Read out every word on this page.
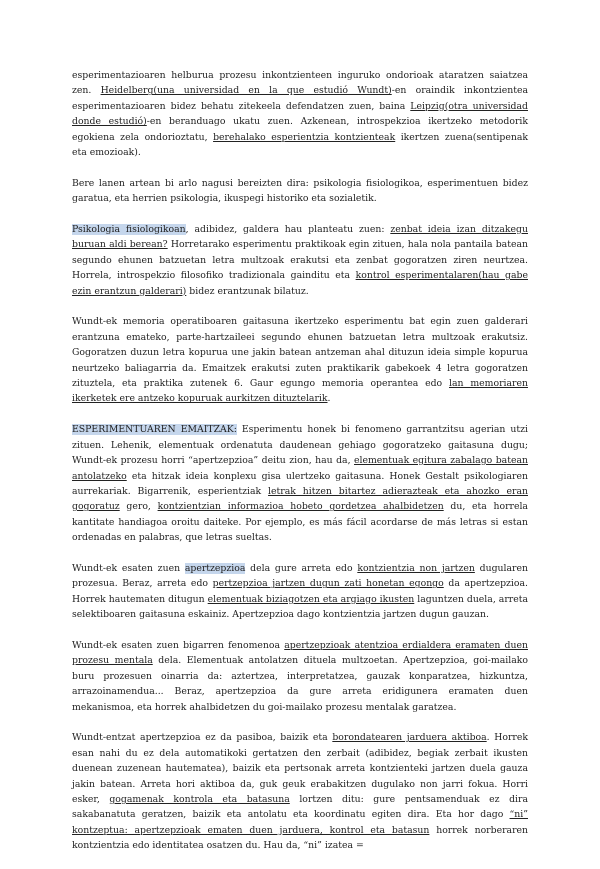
esperimentazioaren helburua prozesu inkontzienteen inguruko ondorioak ataratzen saiatzea zen. Heidelberg(una universidad en la que estudió Wundt)-en oraindik inkontzientea esperimentazioaren bidez behatu zitekeela defendatzen zuen, baina Leipzig(otra universidad donde estudió)-en beranduago ukatu zuen. Azkenean, introspekzioa ikertzeko metodorik egokiena zela ondorioztatu, berehalako esperientzia kontzienteak ikertzen zuena(sentipenak eta emozioak).

Bere lanen artean bi arlo nagusi bereizten dira: psikologia fisiologikoa, esperimentuen bidez garatua, eta herrien psikologia, ikuspegi historiko eta sozialetik.

Psikologia fisiologikoan, adibidez, galdera hau planteatu zuen: zenbat ideia izan ditzakegu buruan aldi berean? Horretarako esperimentu praktikoak egin zituen, hala nola pantaila batean segundo ehunen batzuetan letra multzoak erakutsi eta zenbat gogoratzen ziren neurtzea. Horrela, introspekzio filosofiko tradizionala gainditu eta kontrol esperimentalaren(hau gabe ezin erantzun galderari) bidez erantzunak bilatuz.

Wundt-ek memoria operatiboaren gaitasuna ikertzeko esperimentu bat egin zuen galderari erantzuna emateko, parte-hartzaileei segundo ehunen batzuetan letra multzoak erakutsiz. Gogoratzen duzun letra kopurua une jakin batean antzeman ahal dituzun ideia simple kopurua neurtzeko baliagarria da. Emaitzek erakutsi zuten praktikarik gabekoek 4 letra gogoratzen zituztela, eta praktika zutenek 6. Gaur egungo memoria operantea edo lan memoriaren ikerketek ere antzeko kopuruak aurkitzen dituztelarik.

ESPERIMENTUAREN EMAITZAK: Esperimentu honek bi fenomeno garrantzitsu agerian utzi zituen. Lehenik, elementuak ordenatuta daudenean gehiago gogoratzeko gaitasuna dugu; Wundt-ek prozesu horri “apertzepzioa” deitu zion, hau da, elementuak egitura zabalago batean antolatzeko eta hitzak ideia konplexu gisa ulertzeko gaitasuna. Honek Gestalt psikologiaren aurrekariak. Bigarrenik, esperientziak letrak hitzen bitartez adierazteak eta ahozko eran gogoratuz gero, kontzientzian informazioa hobeto gordetzea ahalbidetzen du, eta horrela kantitate handiagoa oroitu daiteke. Por ejemplo, es más fácil acordarse de más letras si estan ordenadas en palabras, que letras sueltas.

Wundt-ek esaten zuen apertzepzioa dela gure arreta edo kontzientzia non jartzen dugularen prozesua. Beraz, arreta edo pertzepzioa jartzen dugun zati honetan egongo da apertzepzioa. Horrek hautematen ditugun elementuak biziagotzen eta argiago ikusten laguntzen duela, arreta selektiboaren gaitasuna eskainiz. Apertzepzioa dago kontzientzia jartzen dugun gauzan.

Wundt-ek esaten zuen bigarren fenomenoa apertzepzioak atentzioa erdialdera eramaten duen prozesu mentala dela. Elementuak antolatzen dituela multzoetan. Apertzepzioa, goi-mailako buru prozesuen oinarria da: aztertzea, interpretatzea, gauzak konparatzea, hizkuntza, arrazoinamendua... Beraz, apertzepzioa da gure arreta eridigunera eramaten duen mekanismoa, eta horrek ahalbidetzen du goi-mailako prozesu mentalak garatzea.

Wundt-entzat apertzepzioa ez da pasiboa, baizik eta borondatearen jarduera aktiboa. Horrek esan nahi du ez dela automatikoki gertatzen den zerbait (adibidez, begiak zerbait ikusten duenean zuzenean hautematea), baizik eta pertsonak arreta kontzienteki jartzen duela gauza jakin batean. Arreta hori aktiboa da, guk geuk erabakitzen dugulako non jarri fokua. Horri esker, gogamenak kontrola eta batasuna lortzen ditu: gure pentsamenduak ez dira sakabanatuta geratzen, baizik eta antolatu eta koordinatu egiten dira. Eta hor dago “ni” kontzeptua: apertzepzioak ematen duen jarduera, kontrol eta batasun horrek norberaren kontzientzia edo identitatea osatzen du. Hau da, “ni” izatea =
